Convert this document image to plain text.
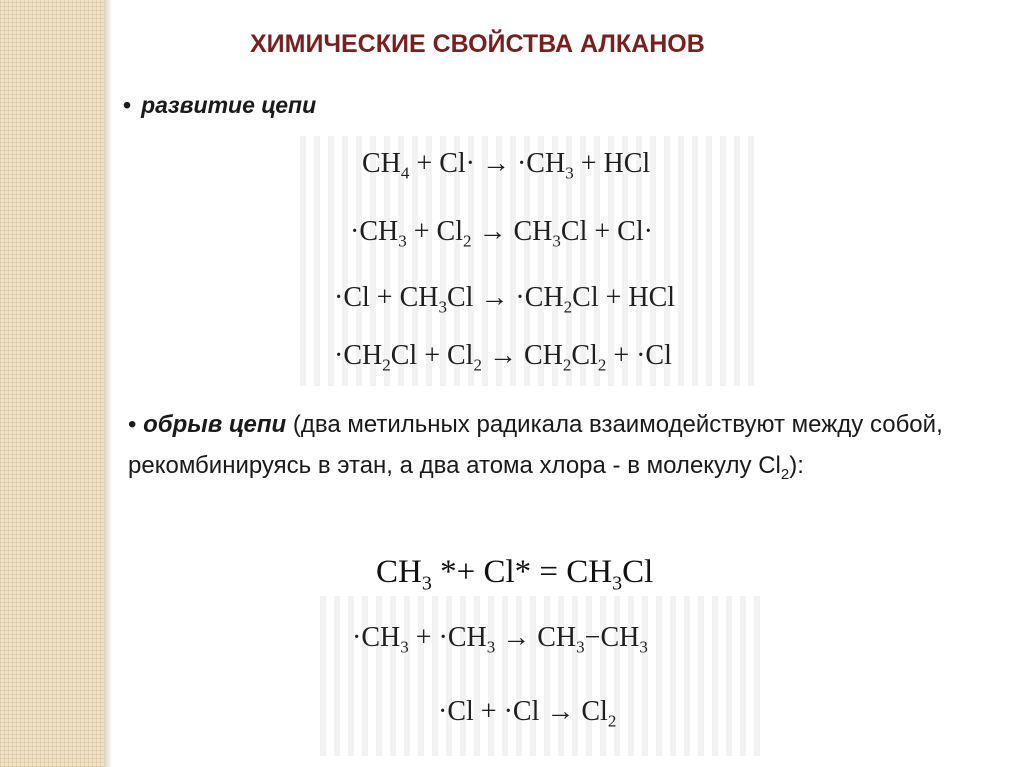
ХИМИЧЕСКИЕ СВОЙСТВА АЛКАНОВ
• развитие цепи
$CH_4 + Cl\cdot \to \cdot CH_3$ + HCl
$\cdot CH_3 + Cl_2 \to CH_3Cl + Cl\cdot$
$\cdot Cl + CH_3Cl \to \cdot CH_2Cl$ + HCl
$\cdot CH_2Cl + Cl_2 \to CH_2Cl_2 + \cdot Cl$
• обрыв цепи (два метильных радикала взаимодействуют между собой, рекомбинируясь в этан, а два атома хлора - в молекулу $Cl_2$):
$CH_3 *+ Cl* = CH_3Cl$
$\cdot CH_3 + \cdot CH_3 \to CH_3-CH_3$
$\cdot Cl + \cdot Cl \to Cl_2$
